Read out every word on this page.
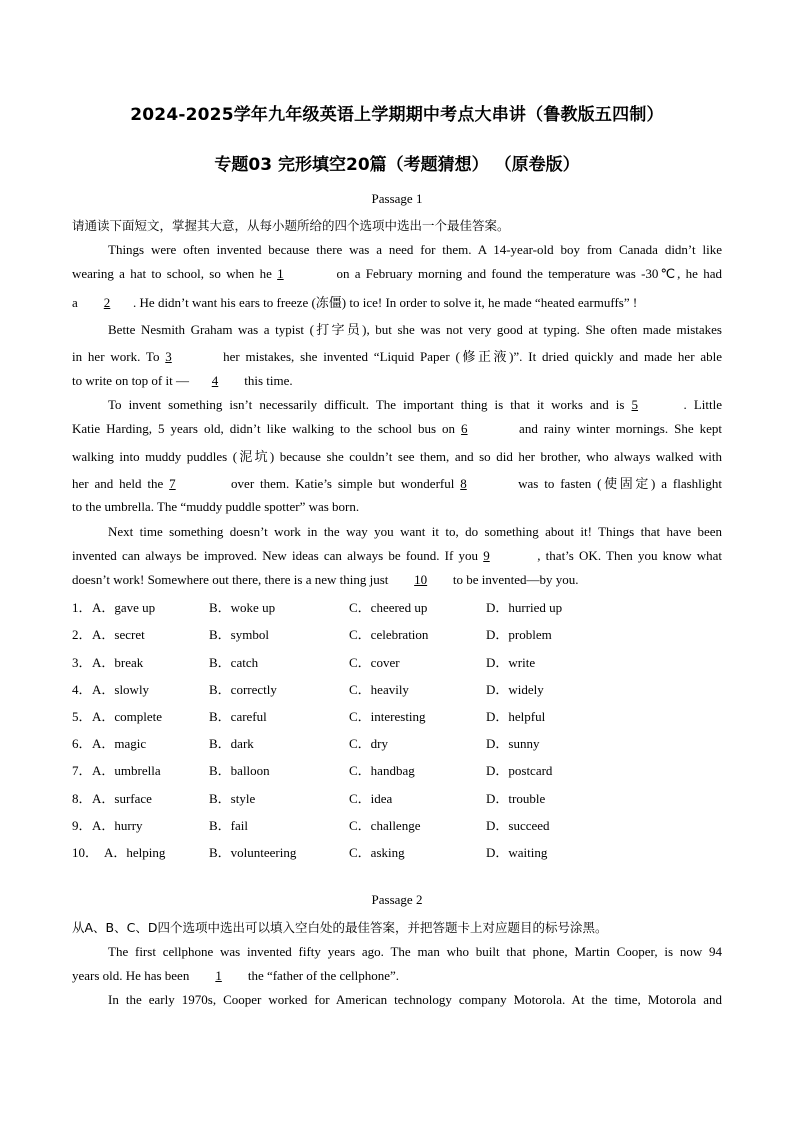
2024-2025学年九年级英语上学期期中考点大串讲（鲁教版五四制）
专题03 完形填空20篇（考题猜想） （原卷版）
Passage 1
请通读下面短文，掌握其大意，从每小题所给的四个选项中选出一个最佳答案。
Things were often invented because there was a need for them. A 14-year-old boy from Canada didn’t like
wearing a hat to school, so when he 1	on a February morning and found the temperature was -30℃, he had
a 2 . He didn’t want his ears to freeze (冻僵) to ice! In order to solve it, he made “heated earmuffs” !
Bette Nesmith Graham was a typist (打字员), but she was not very good at typing. She often made mistakes
in her work. To 3	her mistakes, she invented “Liquid Paper (修正液)”. It dried quickly and made her able
to write on top of it — 4 this time.
To invent something isn’t necessarily difficult. The important thing is that it works and is 5	. Little
Katie Harding, 5 years old, didn’t like walking to the school bus on 6	and rainy winter mornings. She kept
walking into muddy puddles (泥坑) because she couldn’t see them, and so did her brother, who always walked with
her and held the 7	over them. Katie’s simple but wonderful 8	was to fasten (使固定) a flashlight
to the umbrella. The “muddy puddle spotter” was born.
Next time something doesn’t work in the way you want it to, do something about it! Things that have been
invented can always be improved. New ideas can always be found. If you 9	, that’s OK. Then you know what
doesn’t work! Somewhere out there, there is a new thing just 10 to be invented—by you.
1． A．gave up	B．woke up	C．cheered up	D．hurried up
2． A．secret	B．symbol	C．celebration	D．problem
3． A．break	B．catch	C．cover	D．write
4． A．slowly	B．correctly	C．heavily	D．widely
5． A．complete	B．careful	C．interesting	D．helpful
6． A．magic	B．dark	C．dry	D．sunny
7． A．umbrella	B．balloon	C．handbag	D．postcard
8． A．surface	B．style	C．idea	D．trouble
9． A．hurry	B．fail	C．challenge	D．succeed
10． A．helping	B．volunteering	C．asking	D．waiting
Passage 2
从A、B、C、D四个选项中选出可以填入空白处的最佳答案，并把答题卡上对应题目的标号涂黑。
The first cellphone was invented fifty years ago. The man who built that phone, Martin Cooper, is now 94
years old. He has been 1 the “father of the cellphone”.
In the early 1970s, Cooper worked for American technology company Motorola. At the time, Motorola and
